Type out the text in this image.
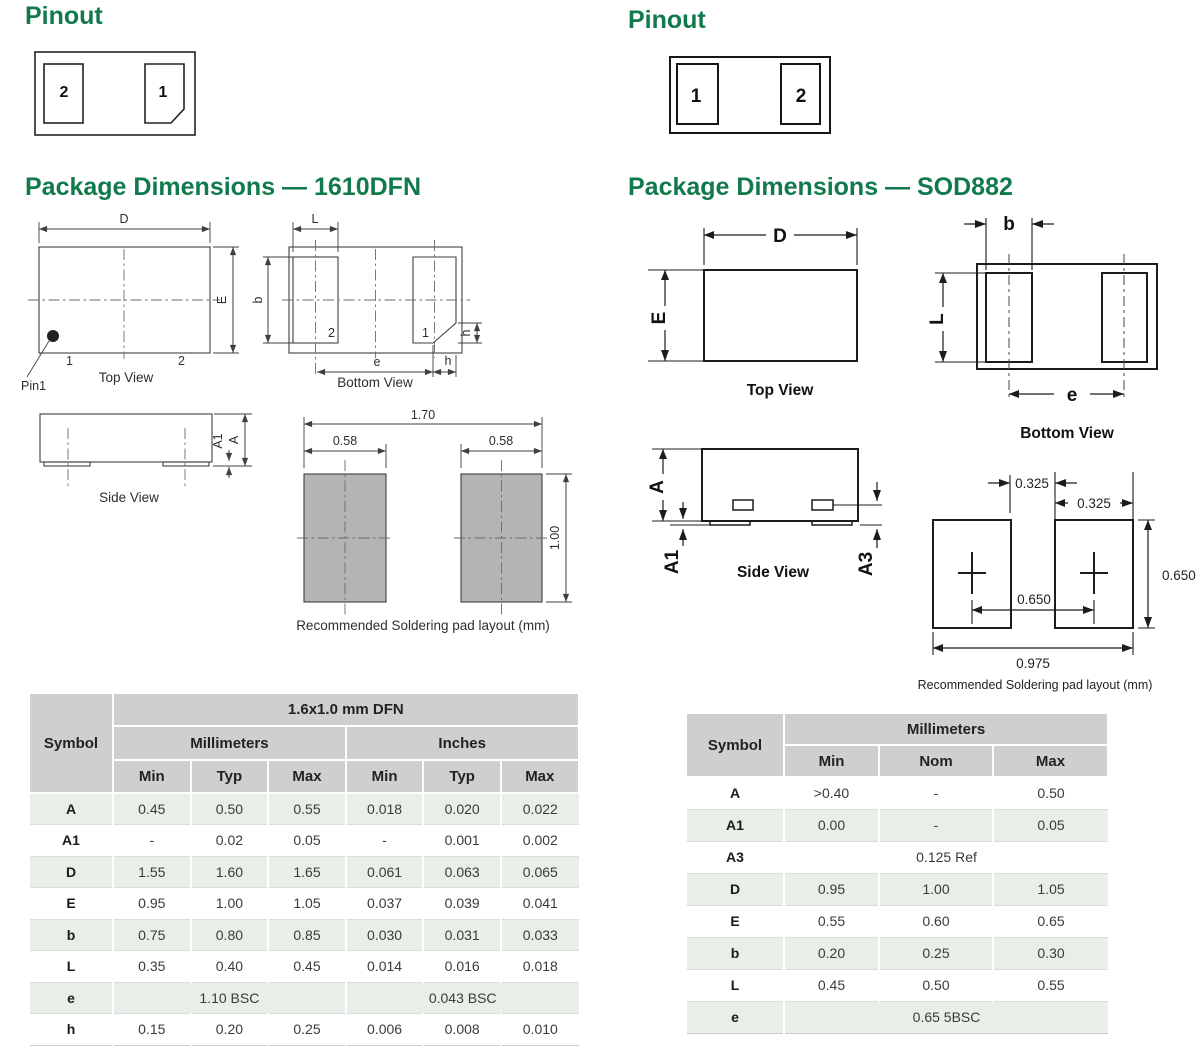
Pinout	Pinout
Package Dimensions — 1610DFN	Package Dimensions — SOD882
2	1	1	2
D
E
Pin1
1	2
Top View
L
b
e	h
h
2	1
Bottom View
A
A1
Side View
1.70
0.58	0.58
1.00
Recommended Soldering pad layout (mm)
D
E
Top View
b
L
e
Bottom View
A
A1	A3
Side View
0.325
0.325
0.650
0.650
0.975
Recommended Soldering pad layout (mm)
Symbol	1.6x1.0 mm DFN					
	Millimeters			Inches		
	Min	Typ	Max	Min	Typ	Max
A	0.45	0.50	0.55	0.018	0.020	0.022
A1	-	0.02	0.05	-	0.001	0.002
D	1.55	1.60	1.65	0.061	0.063	0.065
E	0.95	1.00	1.05	0.037	0.039	0.041
b	0.75	0.80	0.85	0.030	0.031	0.033
L	0.35	0.40	0.45	0.014	0.016	0.018
e	1.10 BSC			0.043 BSC		
h	0.15	0.20	0.25	0.006	0.008	0.010
Symbol	Millimeters		
	Min	Nom	Max
A	>0.40	-	0.50
A1	0.00	-	0.05
A3	0.125 Ref		
D	0.95	1.00	1.05
E	0.55	0.60	0.65
b	0.20	0.25	0.30
L	0.45	0.50	0.55
e	0.65 5BSC		
